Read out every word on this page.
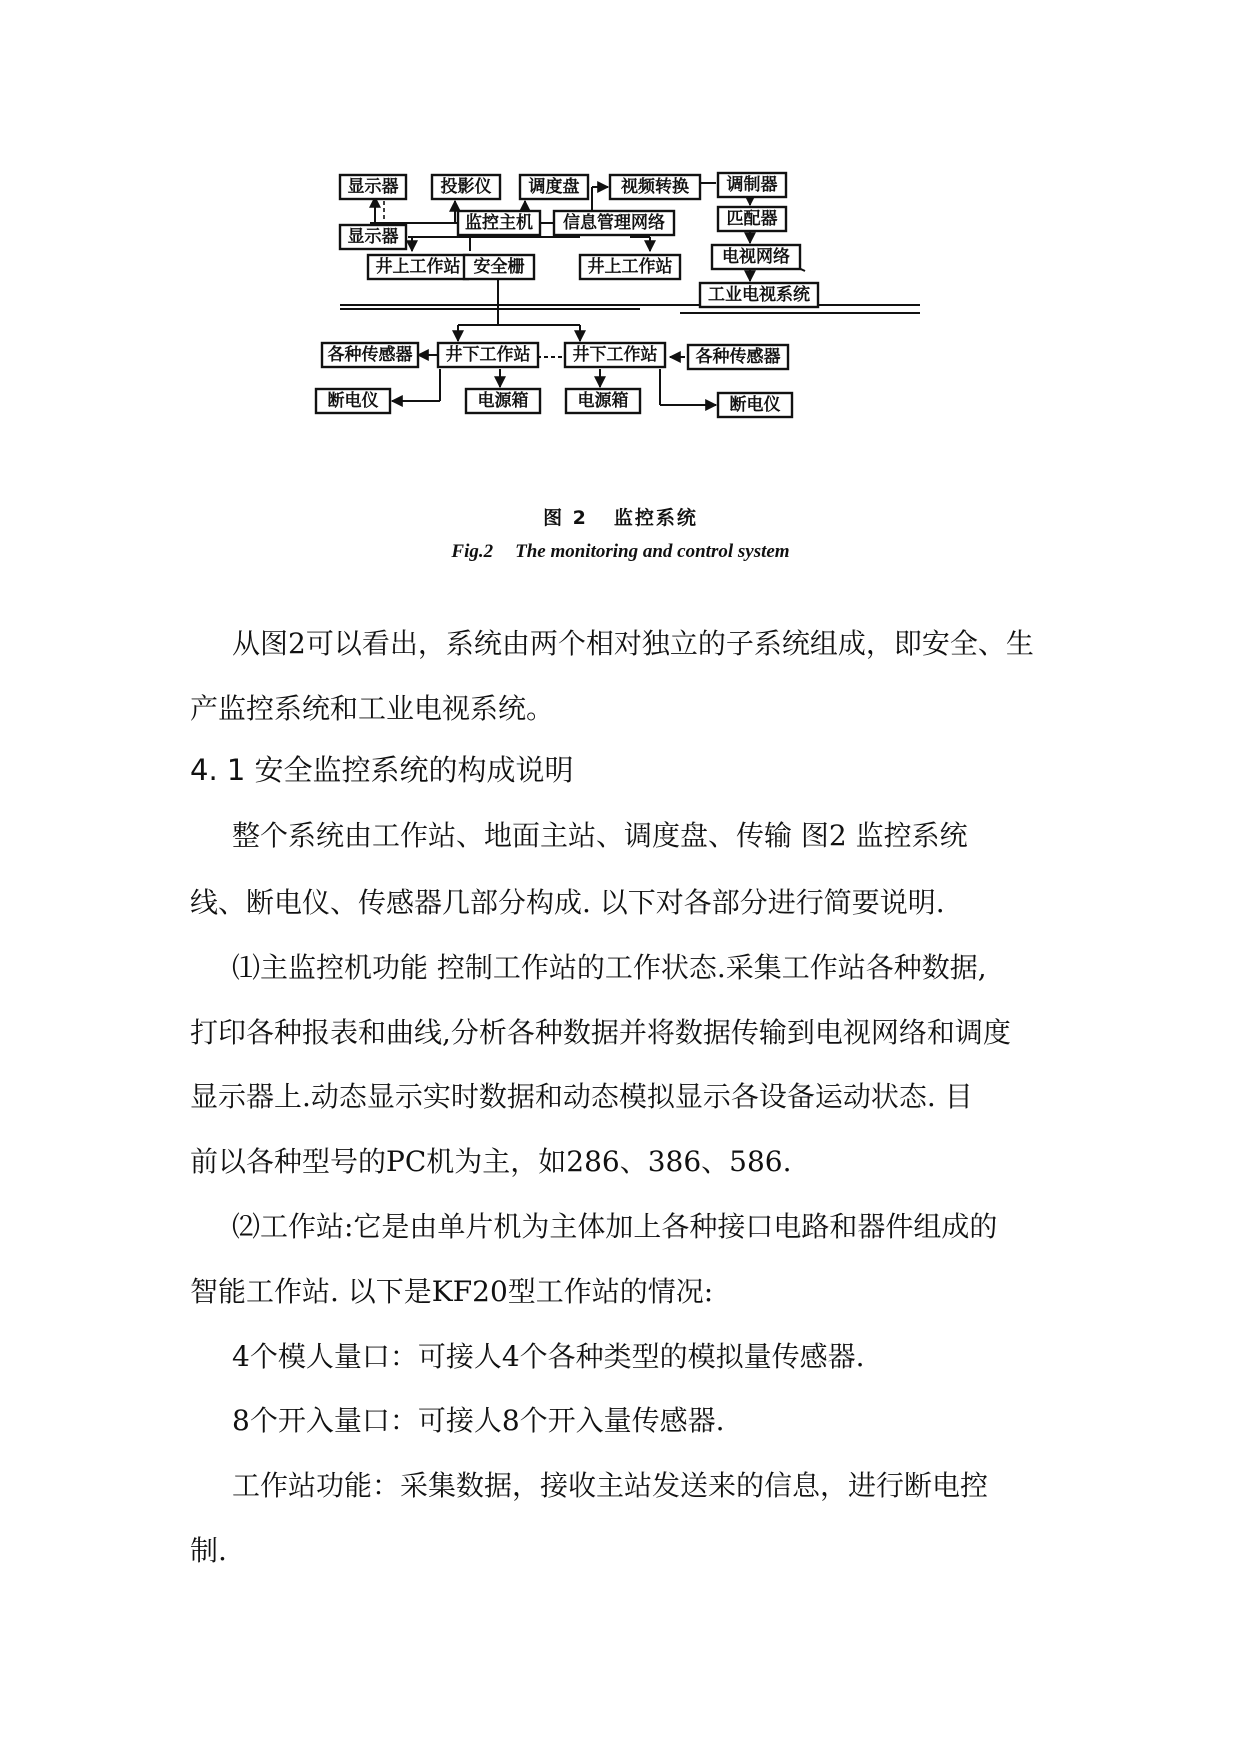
显示器 投影仪 调度盘 视频转换 调制器
显示器
监控主机 信息管理网络	匹配器
井上工作站 安全栅	井上工作站	电视网络
工业电视系统
各种传感器 井下工作站 井下工作站 各种传感器
断电仪	电源箱	电源箱	断电仪
图 2 监控系统
Fig.2 The monitoring and control system
从图2可以看出，系统由两个相对独立的子系统组成，即安全、生
产监控系统和工业电视系统。
4. 1 安全监控系统的构成说明
整个系统由工作站、地面主站、调度盘、传输 图2 监控系统
线、断电仪、传感器几部分构成. 以下对各部分进行简要说明.
⑴主监控机功能 控制工作站的工作状态.采集工作站各种数据,
打印各种报表和曲线,分析各种数据并将数据传输到电视网络和调度
显示器上.动态显示实时数据和动态模拟显示各设备运动状态. 目
前以各种型号的PC机为主，如286、386、586.
⑵工作站:它是由单片机为主体加上各种接口电路和器件组成的
智能工作站. 以下是KF20型工作站的情况:
4个模人量口：可接人4个各种类型的模拟量传感器.
8个开入量口：可接人8个开入量传感器.
工作站功能：采集数据，接收主站发送来的信息，进行断电控
制.
